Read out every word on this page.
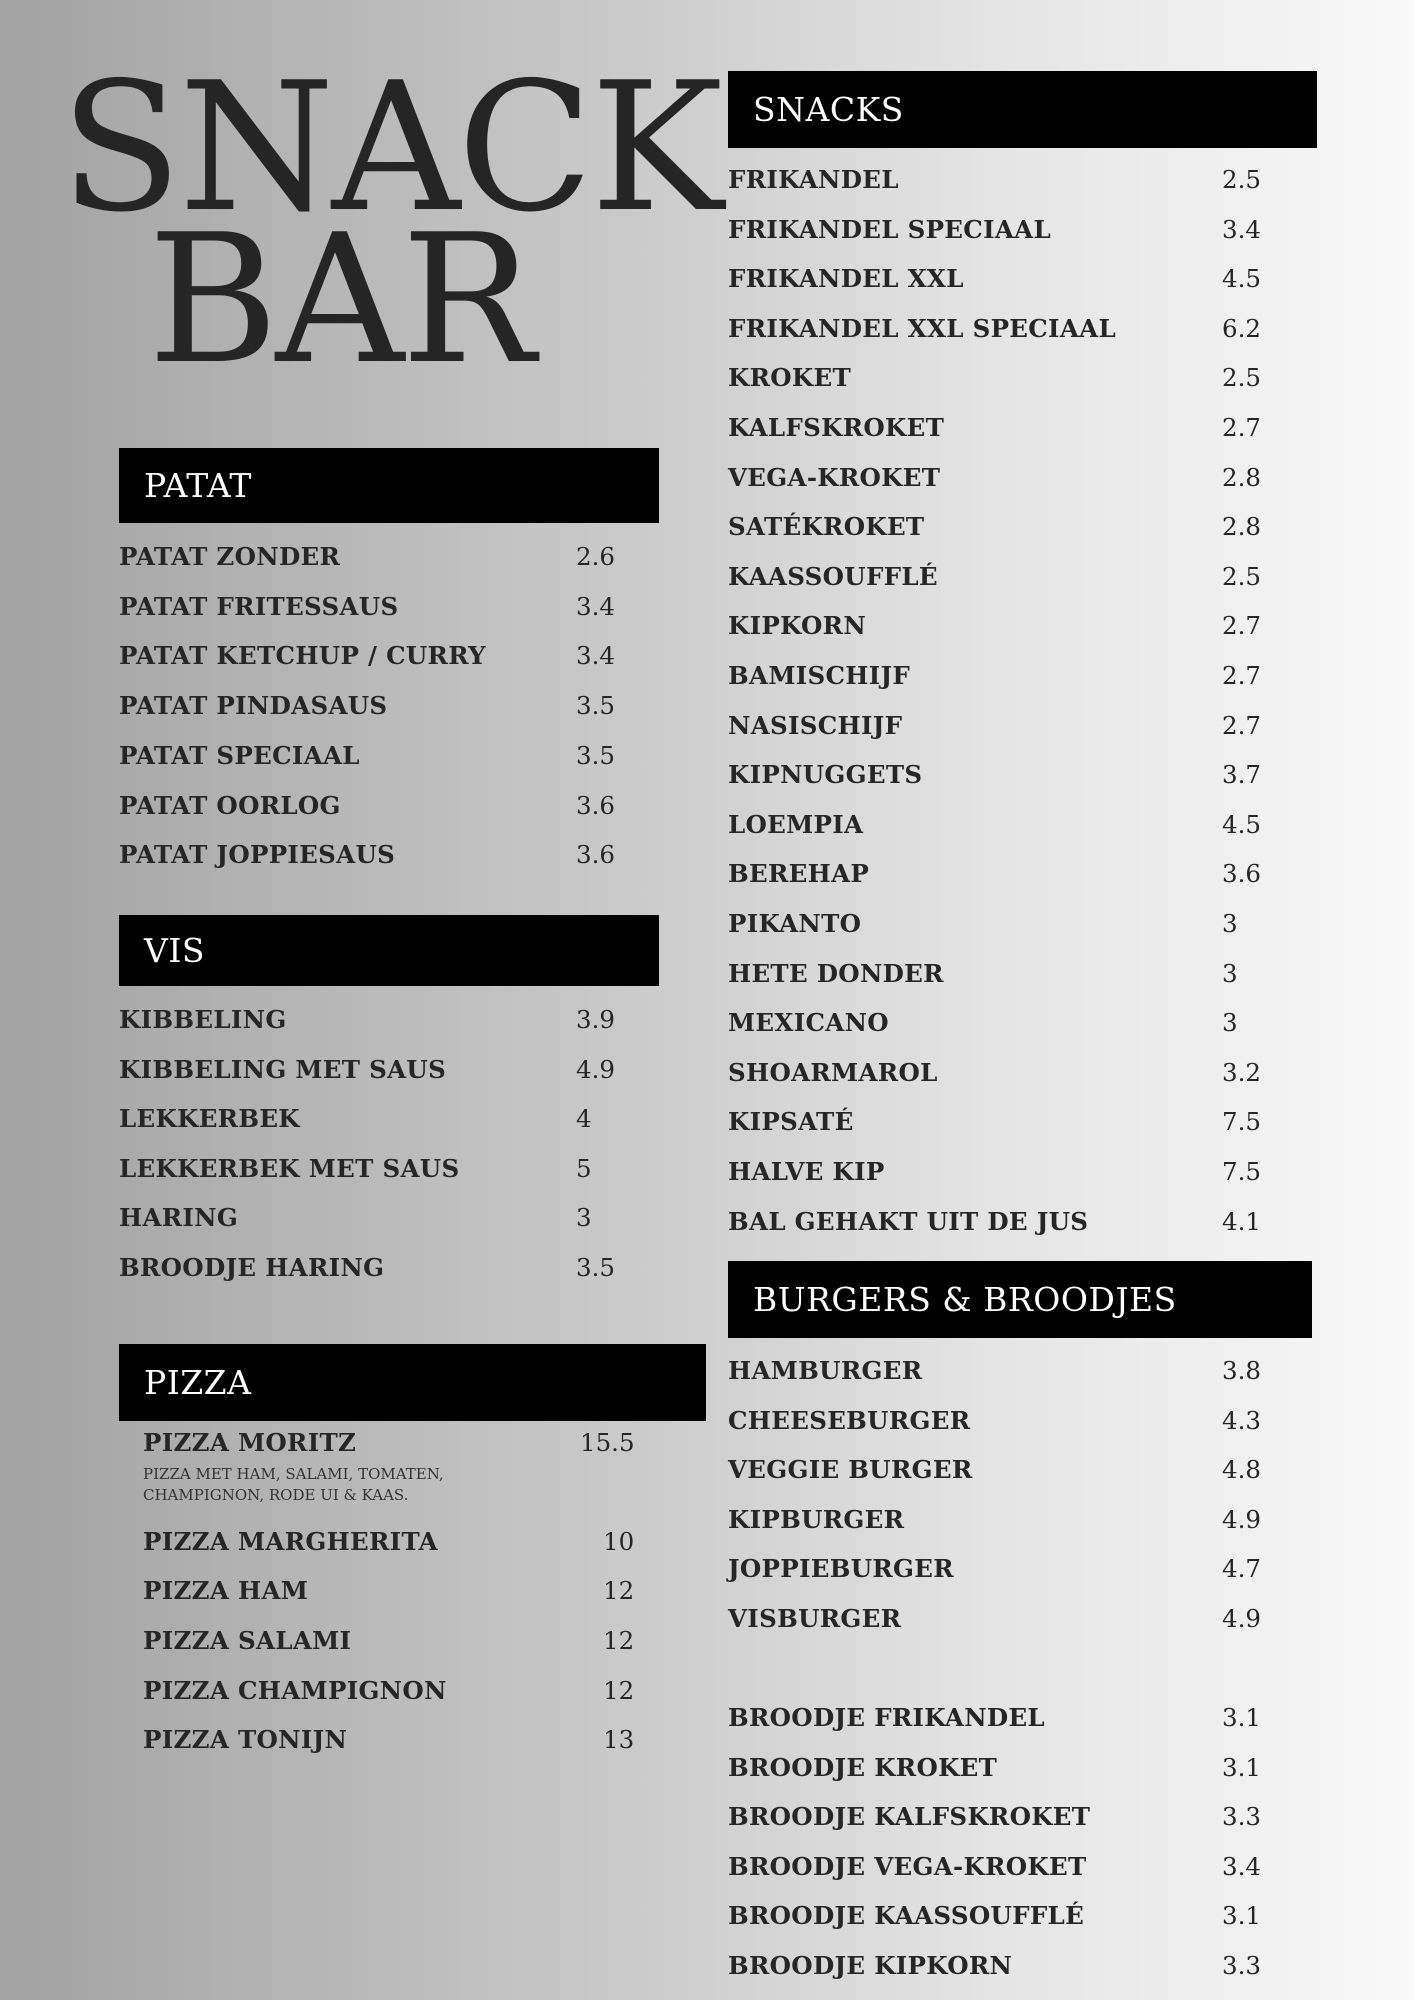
SNACK
BAR
PATAT
VIS
PIZZA
SNACKS
BURGERS & BROODJES
PATAT ZONDER	2.6
PATAT FRITESSAUS	3.4
PATAT KETCHUP / CURRY	3.4
PATAT PINDASAUS	3.5
PATAT SPECIAAL	3.5
PATAT OORLOG	3.6
PATAT JOPPIESAUS	3.6
KIBBELING	3.9
KIBBELING MET SAUS	4.9
LEKKERBEK	4
LEKKERBEK MET SAUS	5
HARING	3
BROODJE HARING	3.5
PIZZA MORITZ	15.5
PIZZA MET HAM, SALAMI, TOMATEN, CHAMPIGNON, RODE UI & KAAS.
PIZZA MARGHERITA	10
PIZZA HAM	12
PIZZA SALAMI	12
PIZZA CHAMPIGNON	12
PIZZA TONIJN	13
FRIKANDEL	2.5
FRIKANDEL SPECIAAL	3.4
FRIKANDEL XXL	4.5
FRIKANDEL XXL SPECIAAL	6.2
KROKET	2.5
KALFSKROKET	2.7
VEGA-KROKET	2.8
SATÉKROKET	2.8
KAASSOUFFLÉ	2.5
KIPKORN	2.7
BAMISCHIJF	2.7
NASISCHIJF	2.7
KIPNUGGETS	3.7
LOEMPIA	4.5
BEREHAP	3.6
PIKANTO	3
HETE DONDER	3
MEXICANO	3
SHOARMAROL	3.2
KIPSATÉ	7.5
HALVE KIP	7.5
BAL GEHAKT UIT DE JUS	4.1
HAMBURGER	3.8
CHEESEBURGER	4.3
VEGGIE BURGER	4.8
KIPBURGER	4.9
JOPPIEBURGER	4.7
VISBURGER	4.9
BROODJE FRIKANDEL	3.1
BROODJE KROKET	3.1
BROODJE KALFSKROKET	3.3
BROODJE VEGA-KROKET	3.4
BROODJE KAASSOUFFLÉ	3.1
BROODJE KIPKORN	3.3
